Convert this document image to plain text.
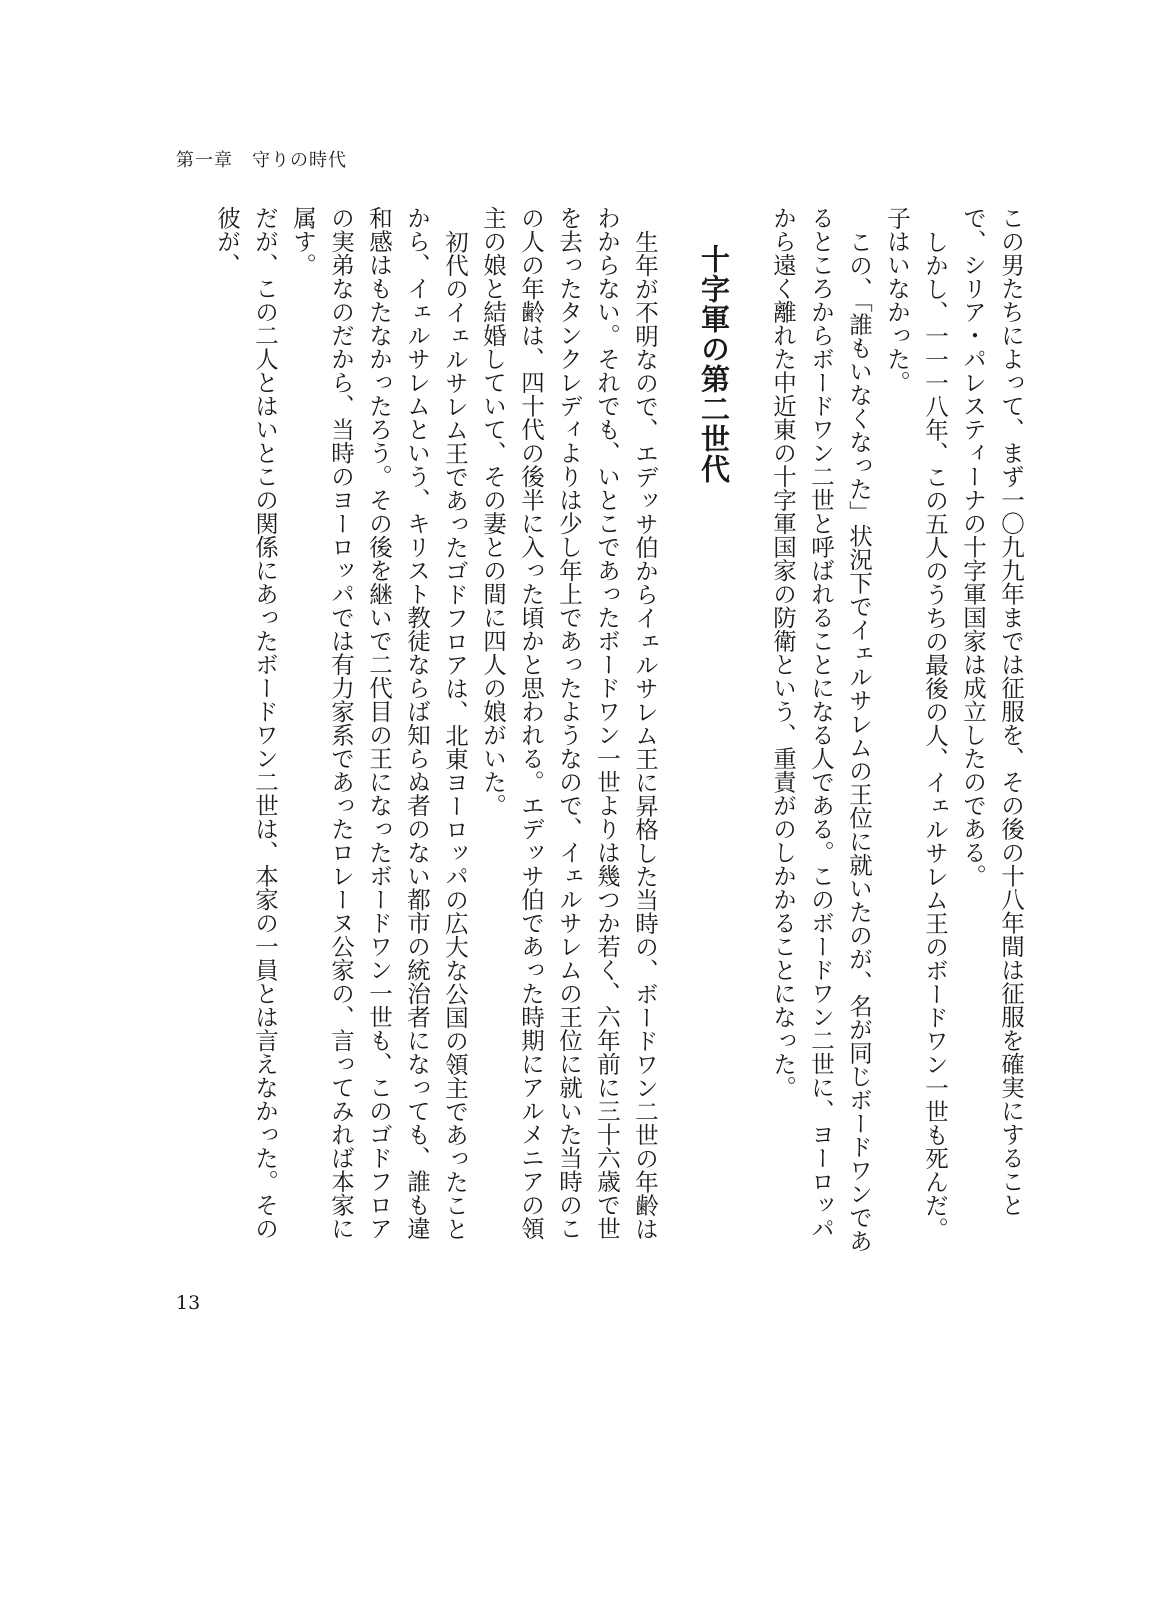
第一章　守りの時代

この男たちによって、まず一〇九九年までは征服を、その後の十八年間は征服を確実にすることで、シリア・パレスティーナの十字軍国家は成立したのである。

しかし、一一一八年、この五人のうちの最後の人、イェルサレム王のボードワン一世も死んだ。子はいなかった。

この、「誰もいなくなった」状況下でイェルサレムの王位に就いたのが、名が同じボードワンであるところからボードワン二世と呼ばれることになる人である。このボードワン二世に、ヨーロッパから遠く離れた中近東の十字軍国家の防衛という、重責がのしかかることになった。

十字軍の第二世代

生年が不明なので、エデッサ伯からイェルサレム王に昇格した当時の、ボードワン二世の年齢はわからない。それでも、いとこであったボードワン一世よりは幾つか若く、六年前に三十六歳で世を去ったタンクレディよりは少し年上であったようなので、イェルサレムの王位に就いた当時のこの人の年齢は、四十代の後半に入った頃かと思われる。エデッサ伯であった時期にアルメニアの領主の娘と結婚していて、その妻との間に四人の娘がいた。

初代のイェルサレム王であったゴドフロアは、北東ヨーロッパの広大な公国の領主であったことから、イェルサレムという、キリスト教徒ならば知らぬ者のない都市の統治者になっても、誰も違和感はもたなかったろう。その後を継いで二代目の王になったボードワン一世も、このゴドフロアの実弟なのだから、当時のヨーロッパでは有力家系であったロレーヌ公家の、言ってみれば本家に属す。

だが、この二人とはいとこの関係にあったボードワン二世は、本家の一員とは言えなかった。その彼が、

13
